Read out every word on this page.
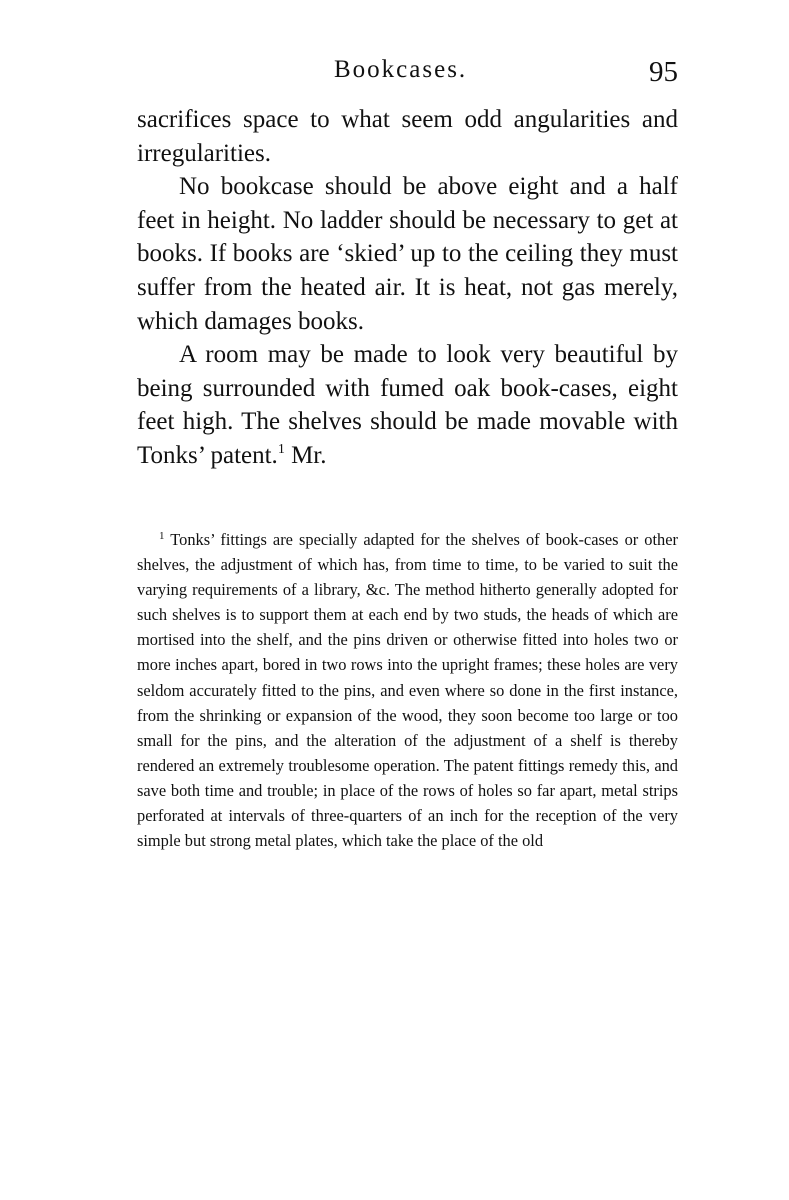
Bookcases.	95

sacrifices space to what seem odd angularities and irregularities.

No bookcase should be above eight and a half feet in height. No ladder should be necessary to get at books. If books are ‘skied’ up to the ceiling they must suffer from the heated air. It is heat, not gas merely, which damages books.

A room may be made to look very beautiful by being surrounded with fumed oak book-cases, eight feet high. The shelves should be made movable with Tonks’ patent.$^1$ Mr.

$^1$ Tonks’ fittings are specially adapted for the shelves of book-cases or other shelves, the adjustment of which has, from time to time, to be varied to suit the varying requirements of a library, &c. The method hitherto generally adopted for such shelves is to support them at each end by two studs, the heads of which are mortised into the shelf, and the pins driven or otherwise fitted into holes two or more inches apart, bored in two rows into the upright frames; these holes are very seldom accurately fitted to the pins, and even where so done in the first instance, from the shrinking or expansion of the wood, they soon become too large or too small for the pins, and the alteration of the adjustment of a shelf is thereby rendered an extremely troublesome operation. The patent fittings remedy this, and save both time and trouble; in place of the rows of holes so far apart, metal strips perforated at intervals of three-quarters of an inch for the reception of the very simple but strong metal plates, which take the place of the old
